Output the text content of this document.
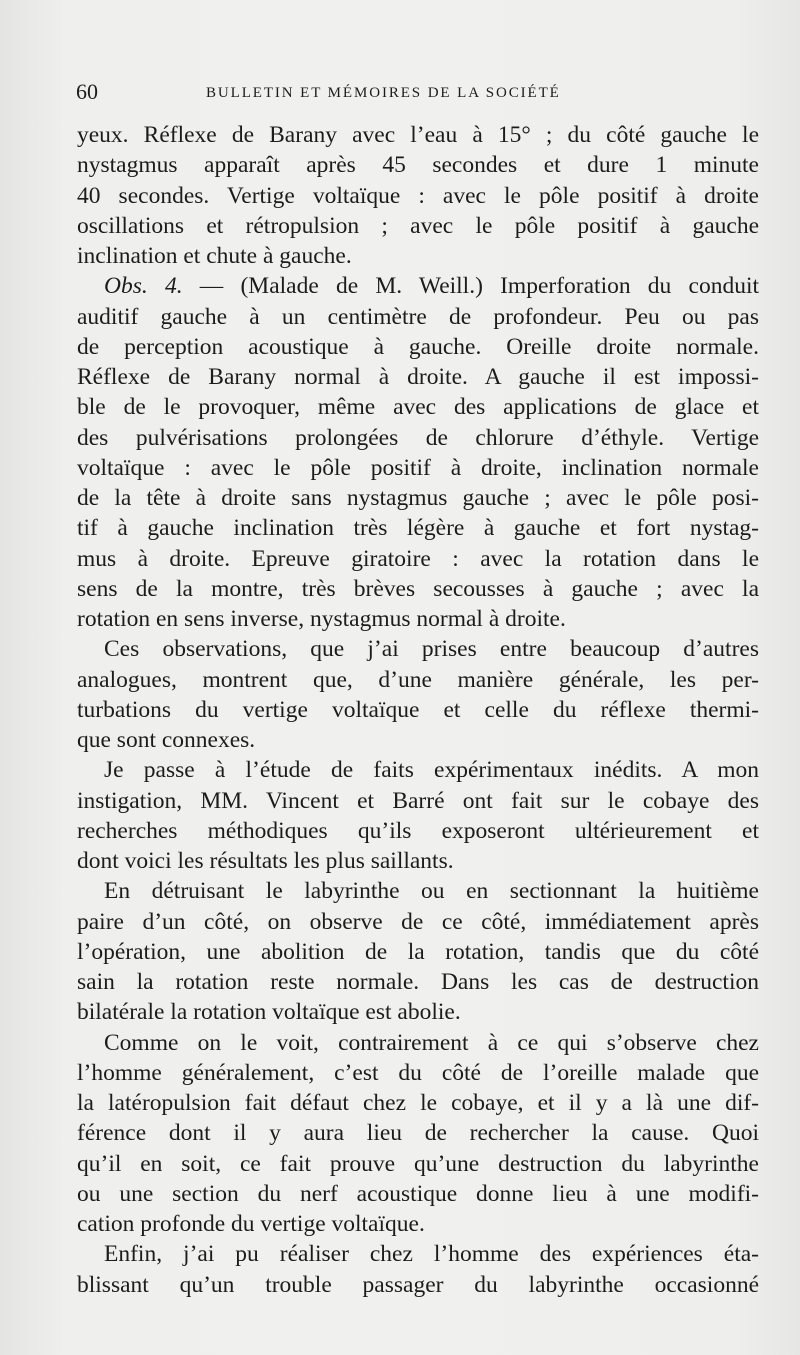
60	BULLETIN ET MÉMOIRES DE LA SOCIÉTÉ
yeux. Réflexe de Barany avec l’eau à 15° ; du côté gauche le
nystagmus apparaît après 45 secondes et dure 1 minute
40 secondes. Vertige voltaïque : avec le pôle positif à droite
oscillations et rétropulsion ; avec le pôle positif à gauche
inclination et chute à gauche.
Obs. 4. — (Malade de M. Weill.) Imperforation du conduit
auditif gauche à un centimètre de profondeur. Peu ou pas
de perception acoustique à gauche. Oreille droite normale.
Réflexe de Barany normal à droite. A gauche il est impossi-
ble de le provoquer, même avec des applications de glace et
des pulvérisations prolongées de chlorure d’éthyle. Vertige
voltaïque : avec le pôle positif à droite, inclination normale
de la tête à droite sans nystagmus gauche ; avec le pôle posi-
tif à gauche inclination très légère à gauche et fort nystag-
mus à droite. Epreuve giratoire : avec la rotation dans le
sens de la montre, très brèves secousses à gauche ; avec la
rotation en sens inverse, nystagmus normal à droite.
Ces observations, que j’ai prises entre beaucoup d’autres
analogues, montrent que, d’une manière générale, les per-
turbations du vertige voltaïque et celle du réflexe thermi-
que sont connexes.
Je passe à l’étude de faits expérimentaux inédits. A mon
instigation, MM. Vincent et Barré ont fait sur le cobaye des
recherches méthodiques qu’ils exposeront ultérieurement et
dont voici les résultats les plus saillants.
En détruisant le labyrinthe ou en sectionnant la huitième
paire d’un côté, on observe de ce côté, immédiatement après
l’opération, une abolition de la rotation, tandis que du côté
sain la rotation reste normale. Dans les cas de destruction
bilatérale la rotation voltaïque est abolie.
Comme on le voit, contrairement à ce qui s’observe chez
l’homme généralement, c’est du côté de l’oreille malade que
la latéropulsion fait défaut chez le cobaye, et il y a là une dif-
férence dont il y aura lieu de rechercher la cause. Quoi
qu’il en soit, ce fait prouve qu’une destruction du labyrinthe
ou une section du nerf acoustique donne lieu à une modifi-
cation profonde du vertige voltaïque.
Enfin, j’ai pu réaliser chez l’homme des expériences éta-
blissant qu’un trouble passager du labyrinthe occasionné
